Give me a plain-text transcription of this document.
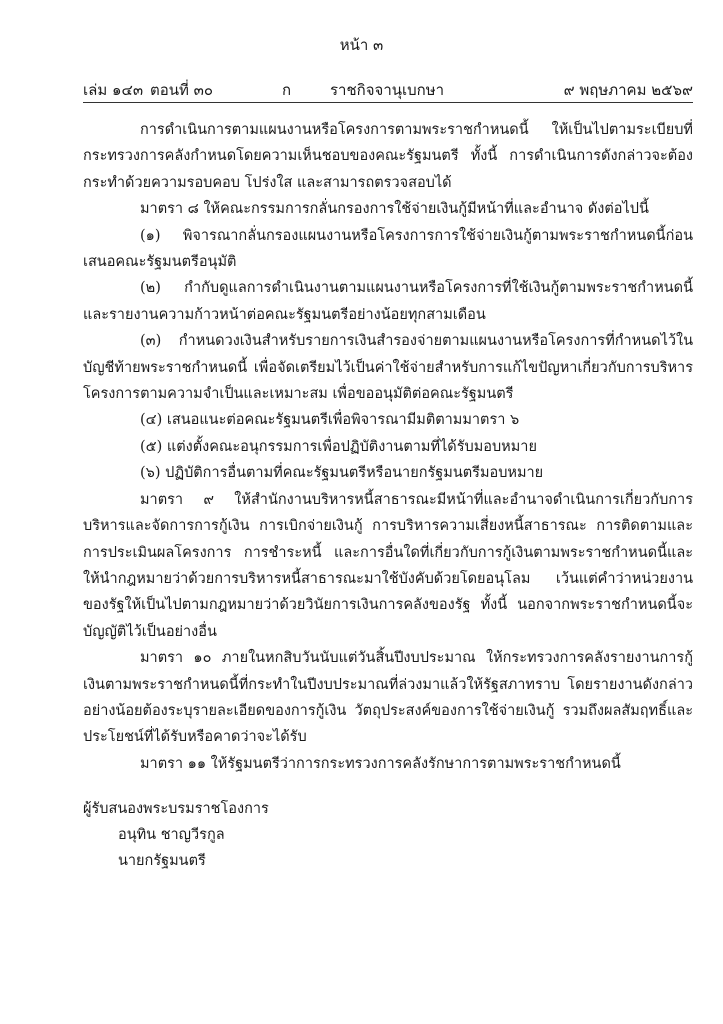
หน้า ๓
เล่ม ๑๔๓ ตอนที่ ๓๐	ก	ราชกิจจานุเบกษา	๙ พฤษภาคม ๒๕๖๙

การดำเนินการตามแผนงานหรือโครงการตามพระราชกำหนดนี้ ให้เป็นไปตามระเบียบที่กระทรวงการคลังกำหนดโดยความเห็นชอบของคณะรัฐมนตรี ทั้งนี้ การดำเนินการดังกล่าวจะต้องกระทำด้วยความรอบคอบ โปร่งใส และสามารถตรวจสอบได้

มาตรา ๘ ให้คณะกรรมการกลั่นกรองการใช้จ่ายเงินกู้มีหน้าที่และอำนาจ ดังต่อไปนี้

(๑) พิจารณากลั่นกรองแผนงานหรือโครงการการใช้จ่ายเงินกู้ตามพระราชกำหนดนี้ก่อนเสนอคณะรัฐมนตรีอนุมัติ

(๒) กำกับดูแลการดำเนินงานตามแผนงานหรือโครงการที่ใช้เงินกู้ตามพระราชกำหนดนี้และรายงานความก้าวหน้าต่อคณะรัฐมนตรีอย่างน้อยทุกสามเดือน

(๓) กำหนดวงเงินสำหรับรายการเงินสำรองจ่ายตามแผนงานหรือโครงการที่กำหนดไว้ในบัญชีท้ายพระราชกำหนดนี้ เพื่อจัดเตรียมไว้เป็นค่าใช้จ่ายสำหรับการแก้ไขปัญหาเกี่ยวกับการบริหารโครงการตามความจำเป็นและเหมาะสม เพื่อขออนุมัติต่อคณะรัฐมนตรี

(๔) เสนอแนะต่อคณะรัฐมนตรีเพื่อพิจารณามีมติตามมาตรา ๖

(๕) แต่งตั้งคณะอนุกรรมการเพื่อปฏิบัติงานตามที่ได้รับมอบหมาย

(๖) ปฏิบัติการอื่นตามที่คณะรัฐมนตรีหรือนายกรัฐมนตรีมอบหมาย

มาตรา ๙ ให้สำนักงานบริหารหนี้สาธารณะมีหน้าที่และอำนาจดำเนินการเกี่ยวกับการบริหารและจัดการการกู้เงิน การเบิกจ่ายเงินกู้ การบริหารความเสี่ยงหนี้สาธารณะ การติดตามและการประเมินผลโครงการ การชำระหนี้ และการอื่นใดที่เกี่ยวกับการกู้เงินตามพระราชกำหนดนี้และให้นำกฎหมายว่าด้วยการบริหารหนี้สาธารณะมาใช้บังคับด้วยโดยอนุโลม เว้นแต่คำว่าหน่วยงานของรัฐให้เป็นไปตามกฎหมายว่าด้วยวินัยการเงินการคลังของรัฐ ทั้งนี้ นอกจากพระราชกำหนดนี้จะบัญญัติไว้เป็นอย่างอื่น

มาตรา ๑๐ ภายในหกสิบวันนับแต่วันสิ้นปีงบประมาณ ให้กระทรวงการคลังรายงานการกู้เงินตามพระราชกำหนดนี้ที่กระทำในปีงบประมาณที่ล่วงมาแล้วให้รัฐสภาทราบ โดยรายงานดังกล่าวอย่างน้อยต้องระบุรายละเอียดของการกู้เงิน วัตถุประสงค์ของการใช้จ่ายเงินกู้ รวมถึงผลสัมฤทธิ์และประโยชน์ที่ได้รับหรือคาดว่าจะได้รับ

มาตรา ๑๑ ให้รัฐมนตรีว่าการกระทรวงการคลังรักษาการตามพระราชกำหนดนี้

ผู้รับสนองพระบรมราชโองการ
อนุทิน ชาญวีรกูล
นายกรัฐมนตรี
